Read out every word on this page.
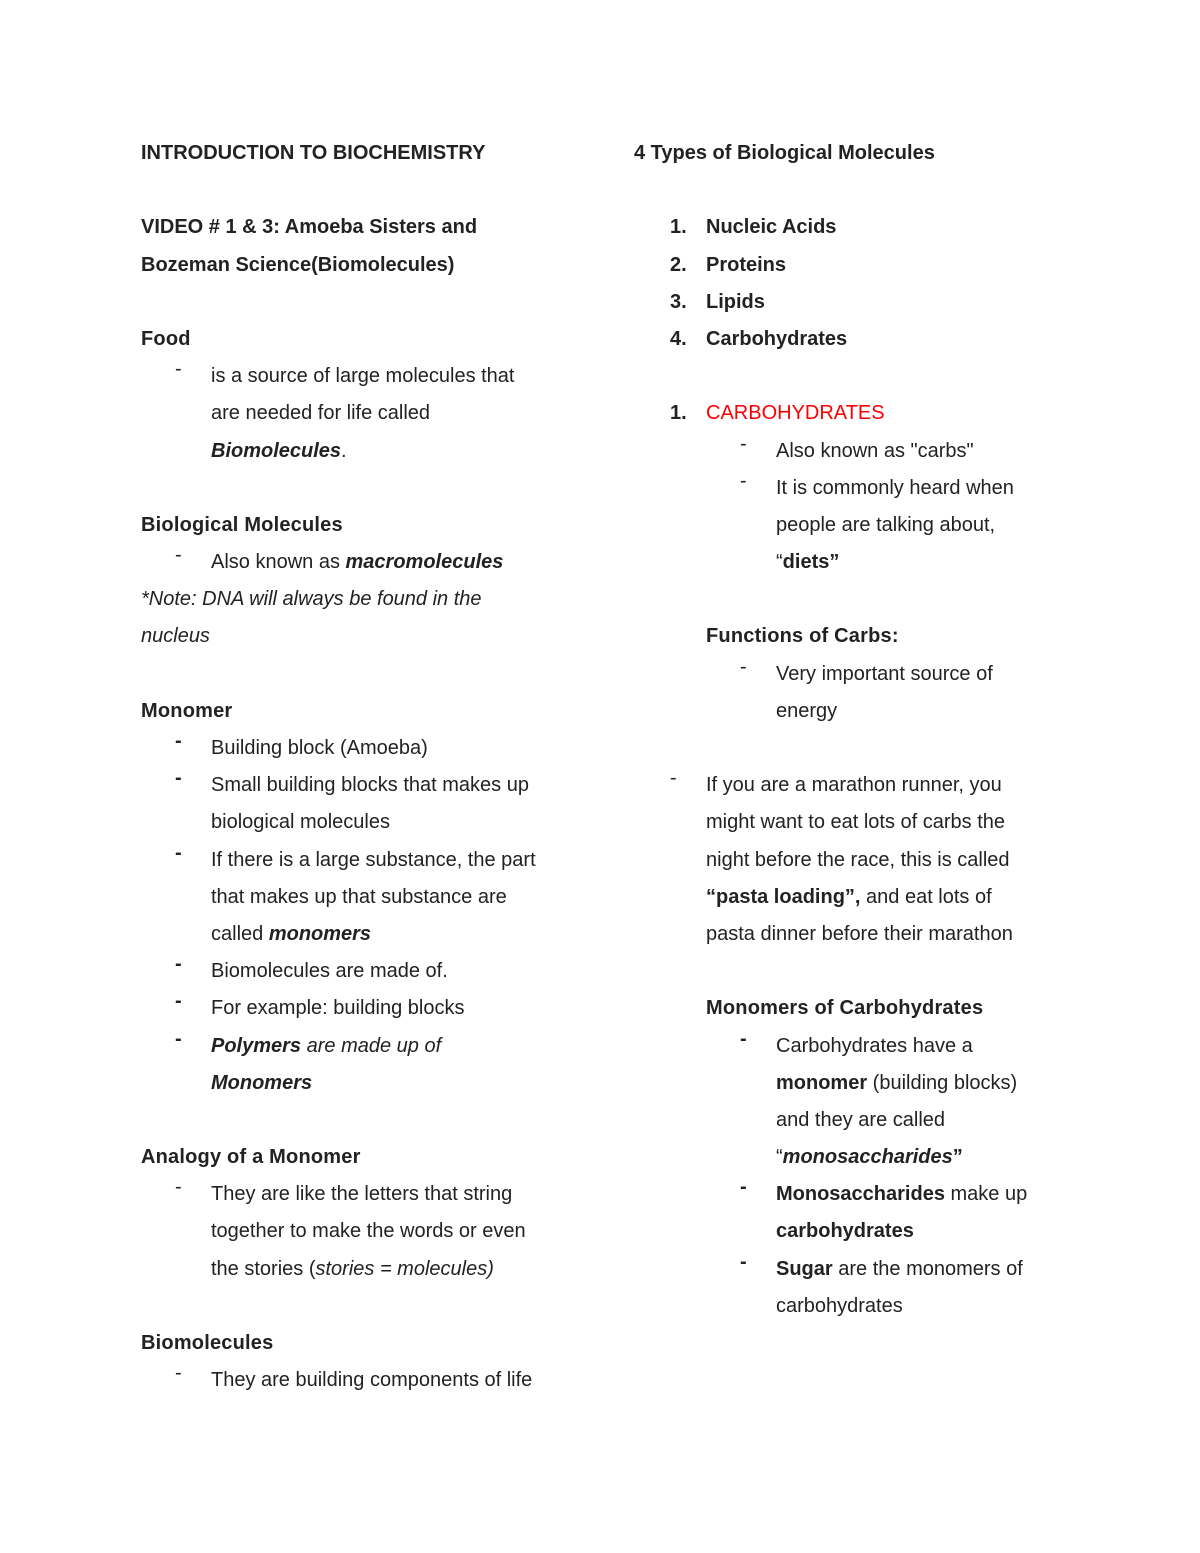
INTRODUCTION TO BIOCHEMISTRY
VIDEO # 1 & 3: Amoeba Sisters and
Bozeman Science(Biomolecules)
Food
- is a source of large molecules that
are needed for life called
Biomolecules.
Biological Molecules
- Also known as macromolecules
*Note: DNA will always be found in the
nucleus
Monomer
- Building block (Amoeba)
- Small building blocks that makes up
biological molecules
- If there is a large substance, the part
that makes up that substance are
called monomers
- Biomolecules are made of.
- For example: building blocks
- Polymers are made up of
Monomers
Analogy of a Monomer
- They are like the letters that string
together to make the words or even
the stories (stories = molecules)
Biomolecules
- They are building components of life
4 Types of Biological Molecules
1. Nucleic Acids
2. Proteins
3. Lipids
4. Carbohydrates
1. CARBOHYDRATES
- Also known as "carbs"
- It is commonly heard when
people are talking about,
“diets”
Functions of Carbs:
- Very important source of
energy
- If you are a marathon runner, you
might want to eat lots of carbs the
night before the race, this is called
“pasta loading”, and eat lots of
pasta dinner before their marathon
Monomers of Carbohydrates
- Carbohydrates have a
monomer (building blocks)
and they are called
“monosaccharides”
- Monosaccharides make up
carbohydrates
- Sugar are the monomers of
carbohydrates
